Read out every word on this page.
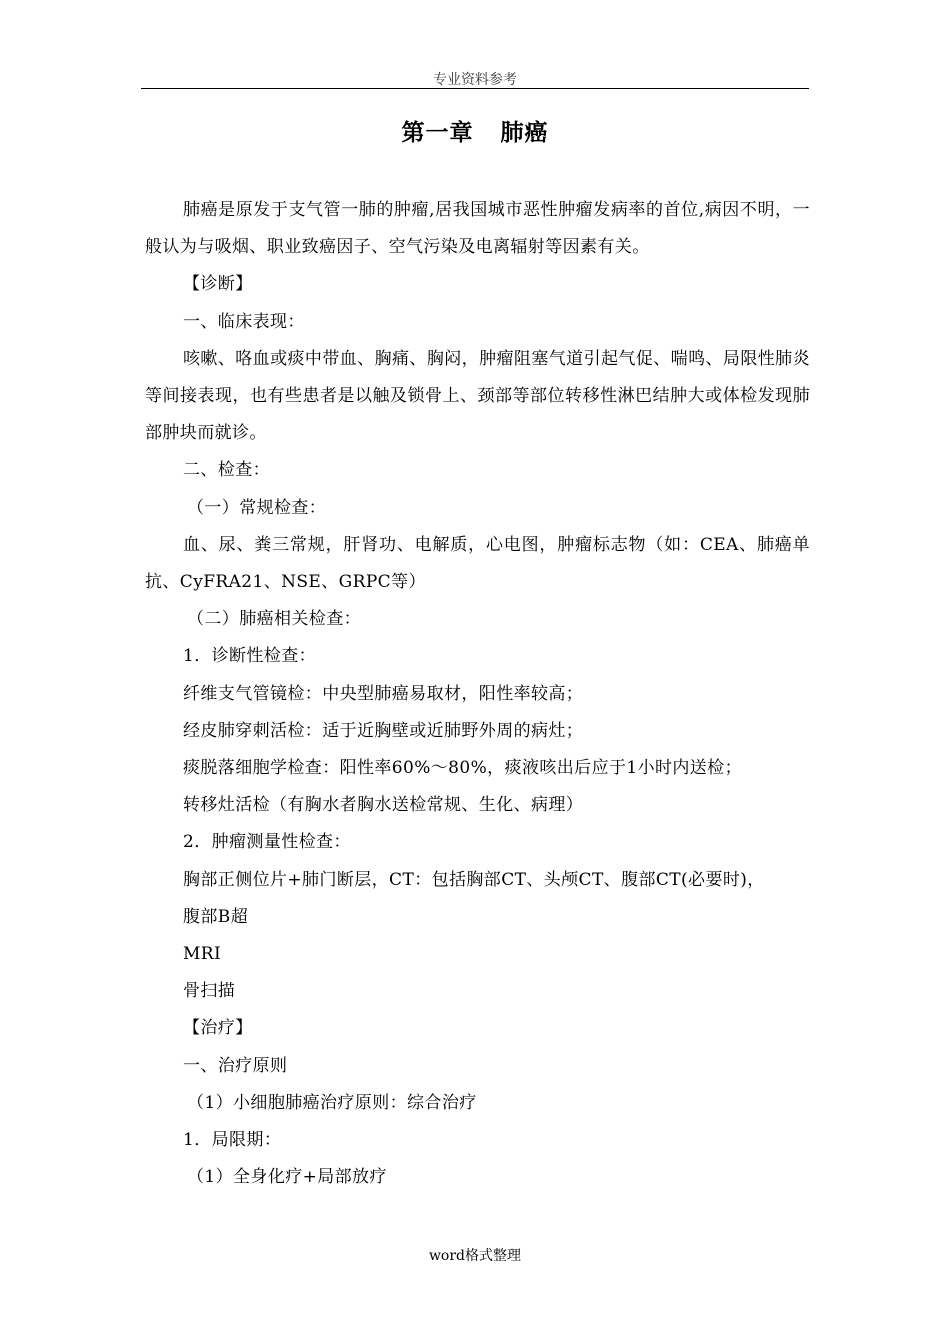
专业资料参考
第一章   肺癌

肺癌是原发于支气管一肺的肿瘤,居我国城市恶性肿瘤发病率的首位,病因不明，一般认为与吸烟、职业致癌因子、空气污染及电离辐射等因素有关。

【诊断】

一、临床表现：

咳嗽、咯血或痰中带血、胸痛、胸闷，肿瘤阻塞气道引起气促、喘鸣、局限性肺炎等间接表现，也有些患者是以触及锁骨上、颈部等部位转移性淋巴结肿大或体检发现肺部肿块而就诊。

二、检查：

（一）常规检查：

血、尿、粪三常规，肝肾功、电解质，心电图，肿瘤标志物（如：CEA、肺癌单抗、CyFRA21、NSE、GRPC等）

（二）肺癌相关检查：

1．诊断性检查：

纤维支气管镜检：中央型肺癌易取材，阳性率较高；

经皮肺穿刺活检：适于近胸壁或近肺野外周的病灶；

痰脱落细胞学检查：阳性率60%～80%，痰液咳出后应于1小时内送检；

转移灶活检（有胸水者胸水送检常规、生化、病理）

2．肿瘤测量性检查：

胸部正侧位片+肺门断层，CT：包括胸部CT、头颅CT、腹部CT(必要时)，

腹部B超

MRI

骨扫描

【治疗】

一、治疗原则

（1）小细胞肺癌治疗原则：综合治疗

1．局限期：

（1）全身化疗+局部放疗

word格式整理
